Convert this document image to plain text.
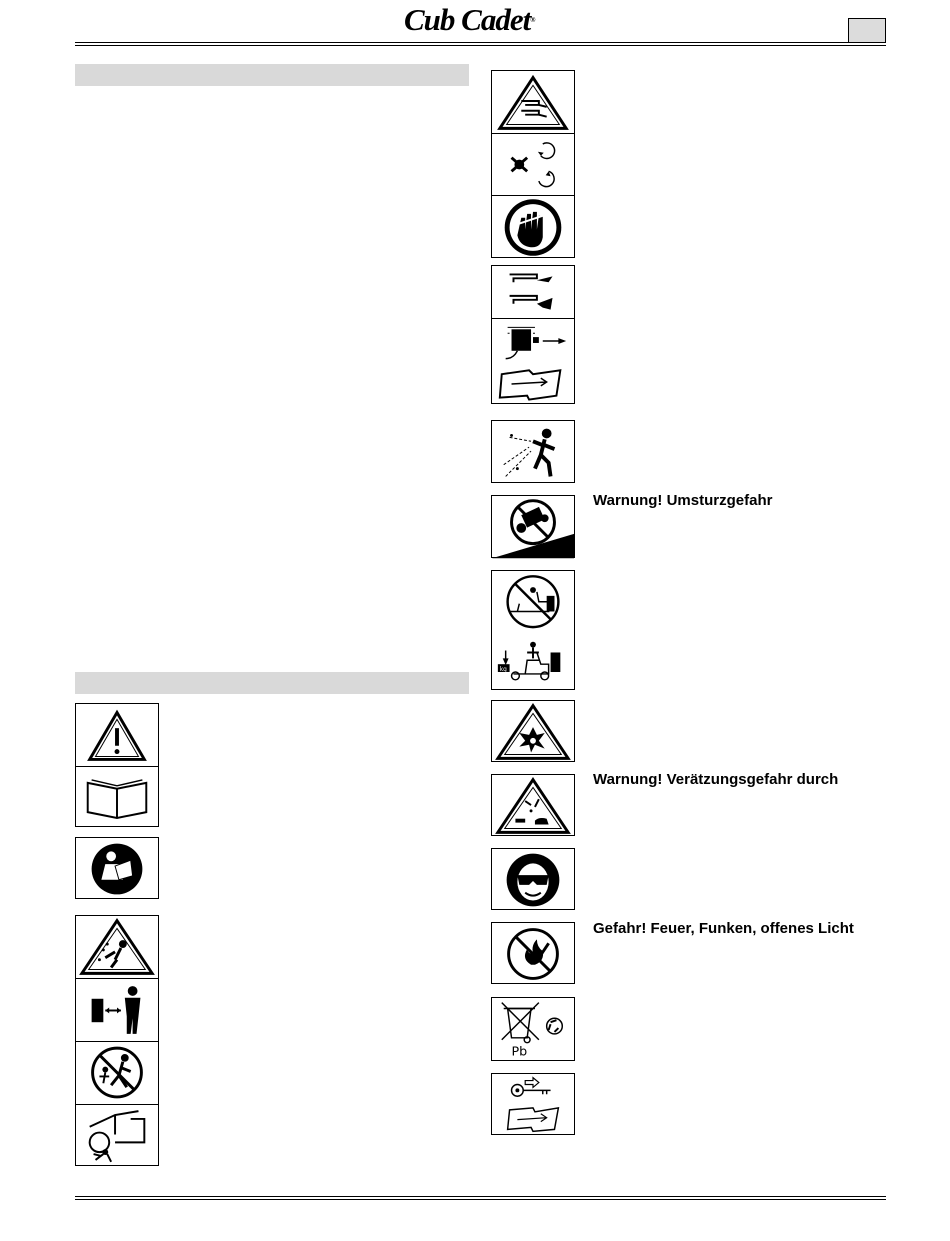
Cub Cadet®
Warnung! Umsturzgefahr
kg
Warnung! Verätzungsgefahr durch
Gefahr! Feuer, Funken, offenes Licht
Pb
